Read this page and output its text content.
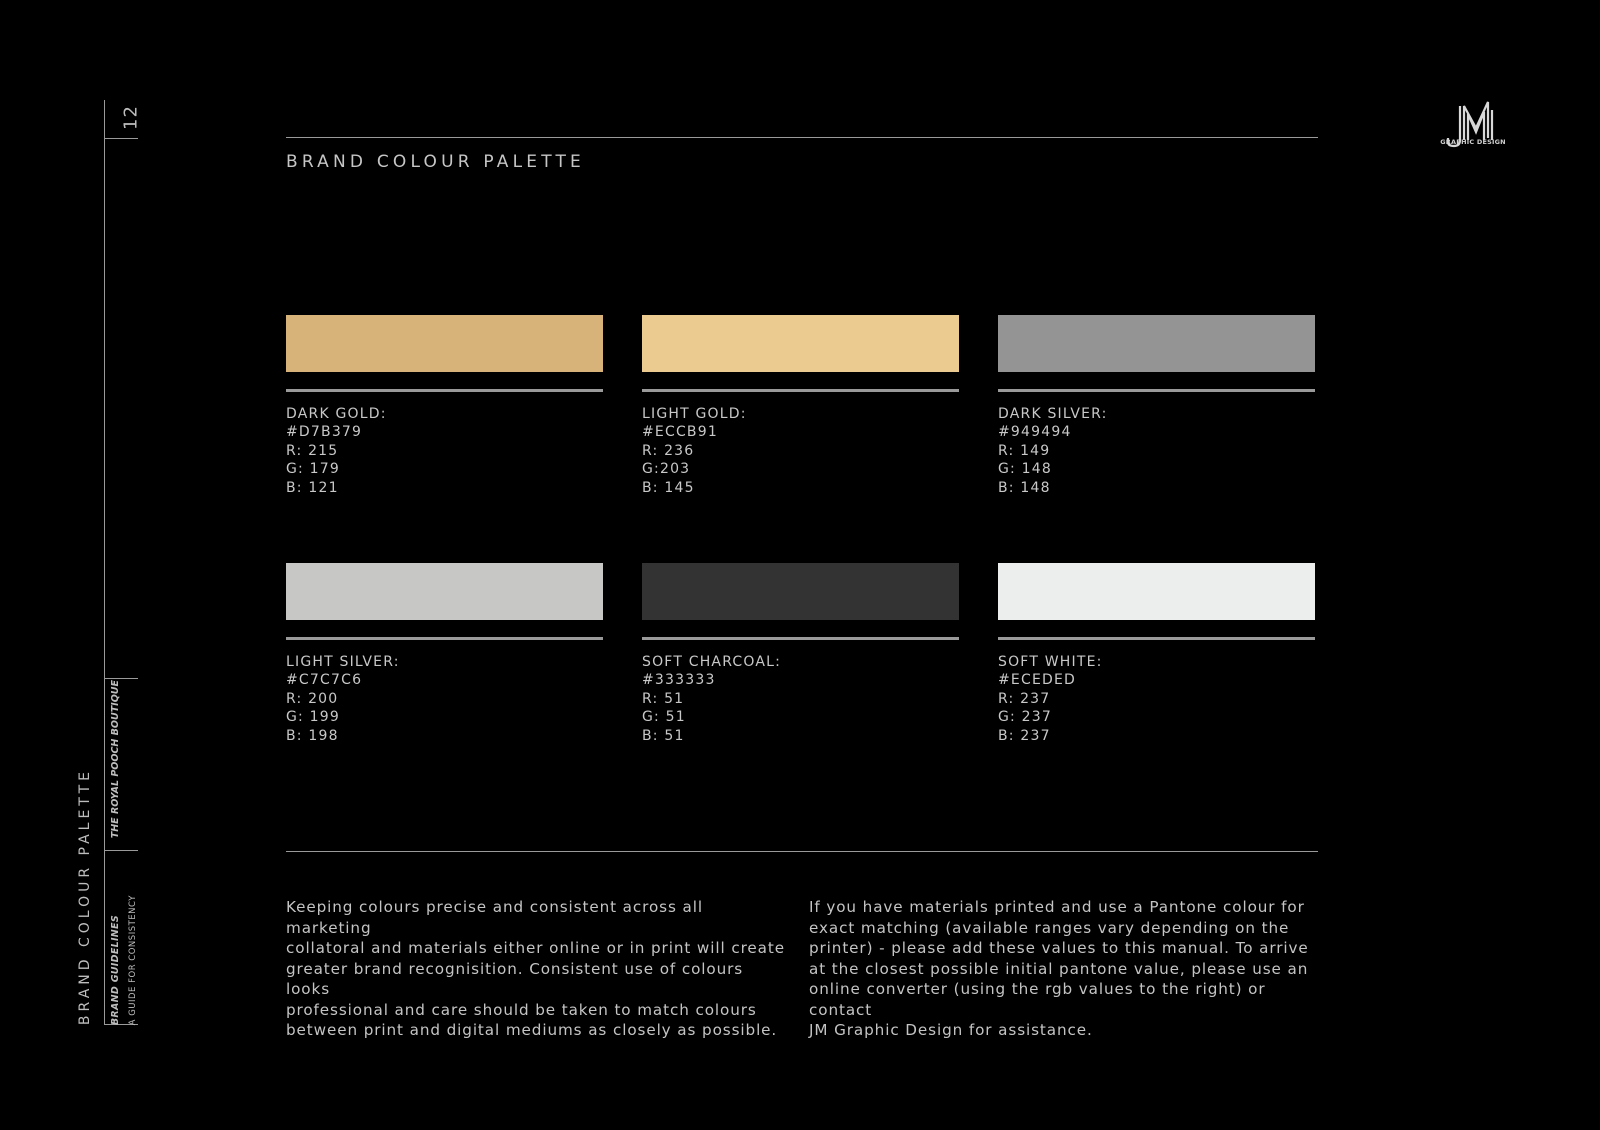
12
BRAND COLOUR PALETTE BRAND GUIDELINES A GUIDE FOR CONSISTENCY
THE ROYAL POOCH BOUTIQUE
BRAND COLOUR PALETTE
GRAPHIC DESIGN
DARK GOLD:
#D7B379
R: 215
G: 179
B: 121
LIGHT GOLD:
#ECCB91
R: 236
G:203
B: 145
DARK SILVER:
#949494
R: 149
G: 148
B: 148
LIGHT SILVER:
#C7C7C6
R: 200
G: 199
B: 198
SOFT CHARCOAL:
#333333
R: 51
G: 51
B: 51
SOFT WHITE:
#ECEDED
R: 237
G: 237
B: 237
Keeping colours precise and consistent across all marketing
collatoral and materials either online or in print will create
greater brand recognisition. Consistent use of colours looks
professional and care should be taken to match colours
between print and digital mediums as closely as possible.
If you have materials printed and use a Pantone colour for
exact matching (available ranges vary depending on the
printer) - please add these values to this manual. To arrive
at the closest possible initial pantone value, please use an
online converter (using the rgb values to the right) or contact
JM Graphic Design for assistance.
